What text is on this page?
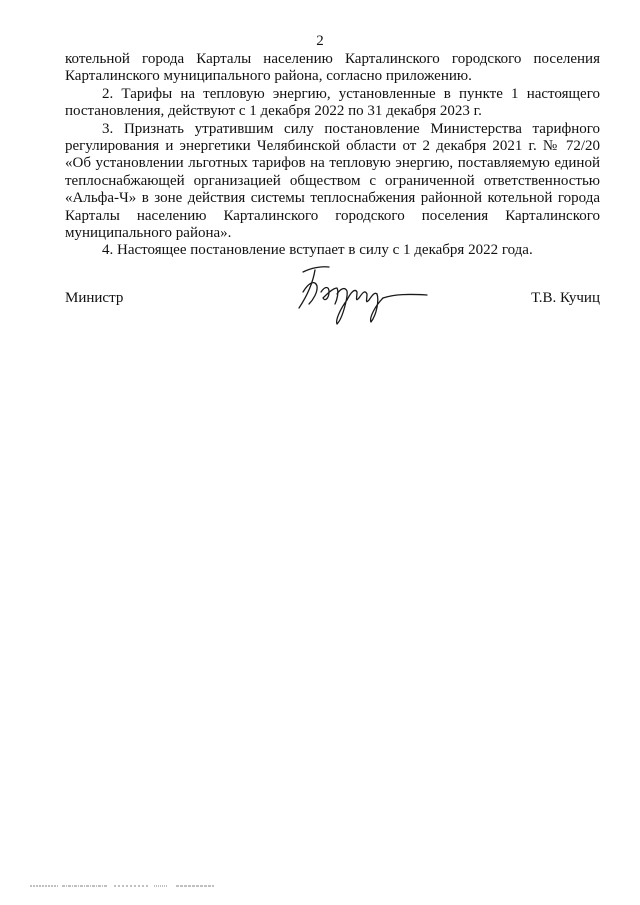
2

котельной города Карталы населению Карталинского городского поселения Карталинского муниципального района, согласно приложению.

2. Тарифы на тепловую энергию, установленные в пункте 1 настоящего постановления, действуют с 1 декабря 2022 по 31 декабря 2023 г.

3. Признать утратившим силу постановление Министерства тарифного регулирования и энергетики Челябинской области от 2 декабря 2021 г. № 72/20 «Об установлении льготных тарифов на тепловую энергию, поставляемую единой теплоснабжающей организацией обществом с ограниченной ответственностью «Альфа-Ч» в зоне действия системы теплоснабжения районной котельной города Карталы населению Карталинского городского поселения Карталинского муниципального района».

4. Настоящее постановление вступает в силу с 1 декабря 2022 года.

Министр	Т.В. Кучиц
